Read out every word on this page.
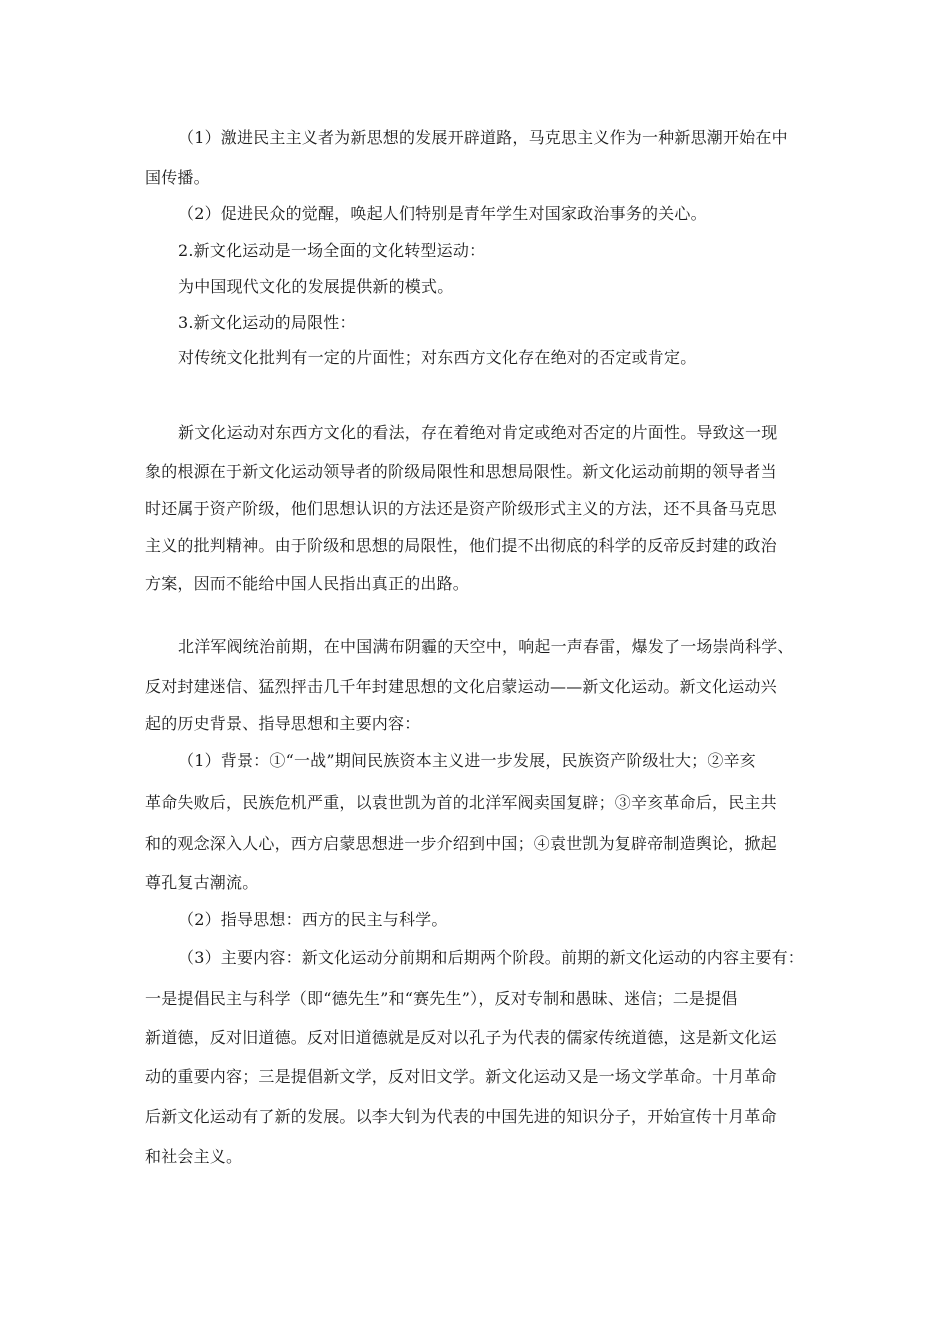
（1）激进民主主义者为新思想的发展开辟道路，马克思主义作为一种新思潮开始在中
国传播。
（2）促进民众的觉醒，唤起人们特别是青年学生对国家政治事务的关心。
2.新文化运动是一场全面的文化转型运动：
为中国现代文化的发展提供新的模式。
3.新文化运动的局限性：
对传统文化批判有一定的片面性；对东西方文化存在绝对的否定或肯定。
新文化运动对东西方文化的看法，存在着绝对肯定或绝对否定的片面性。导致这一现
象的根源在于新文化运动领导者的阶级局限性和思想局限性。新文化运动前期的领导者当
时还属于资产阶级，他们思想认识的方法还是资产阶级形式主义的方法，还不具备马克思
主义的批判精神。由于阶级和思想的局限性，他们提不出彻底的科学的反帝反封建的政治
方案，因而不能给中国人民指出真正的出路。
北洋军阀统治前期，在中国满布阴霾的天空中，响起一声春雷，爆发了一场崇尚科学、
反对封建迷信、猛烈抨击几千年封建思想的文化启蒙运动——新文化运动。新文化运动兴
起的历史背景、指导思想和主要内容：
（1）背景：①“一战”期间民族资本主义进一步发展，民族资产阶级壮大；②辛亥
革命失败后，民族危机严重，以袁世凯为首的北洋军阀卖国复辟；③辛亥革命后，民主共
和的观念深入人心，西方启蒙思想进一步介绍到中国；④袁世凯为复辟帝制造舆论，掀起
尊孔复古潮流。
（2）指导思想：西方的民主与科学。
（3）主要内容：新文化运动分前期和后期两个阶段。前期的新文化运动的内容主要有：
一是提倡民主与科学（即“德先生”和“赛先生”），反对专制和愚昧、迷信；二是提倡
新道德，反对旧道德。反对旧道德就是反对以孔子为代表的儒家传统道德，这是新文化运
动的重要内容；三是提倡新文学，反对旧文学。新文化运动又是一场文学革命。十月革命
后新文化运动有了新的发展。以李大钊为代表的中国先进的知识分子，开始宣传十月革命
和社会主义。
